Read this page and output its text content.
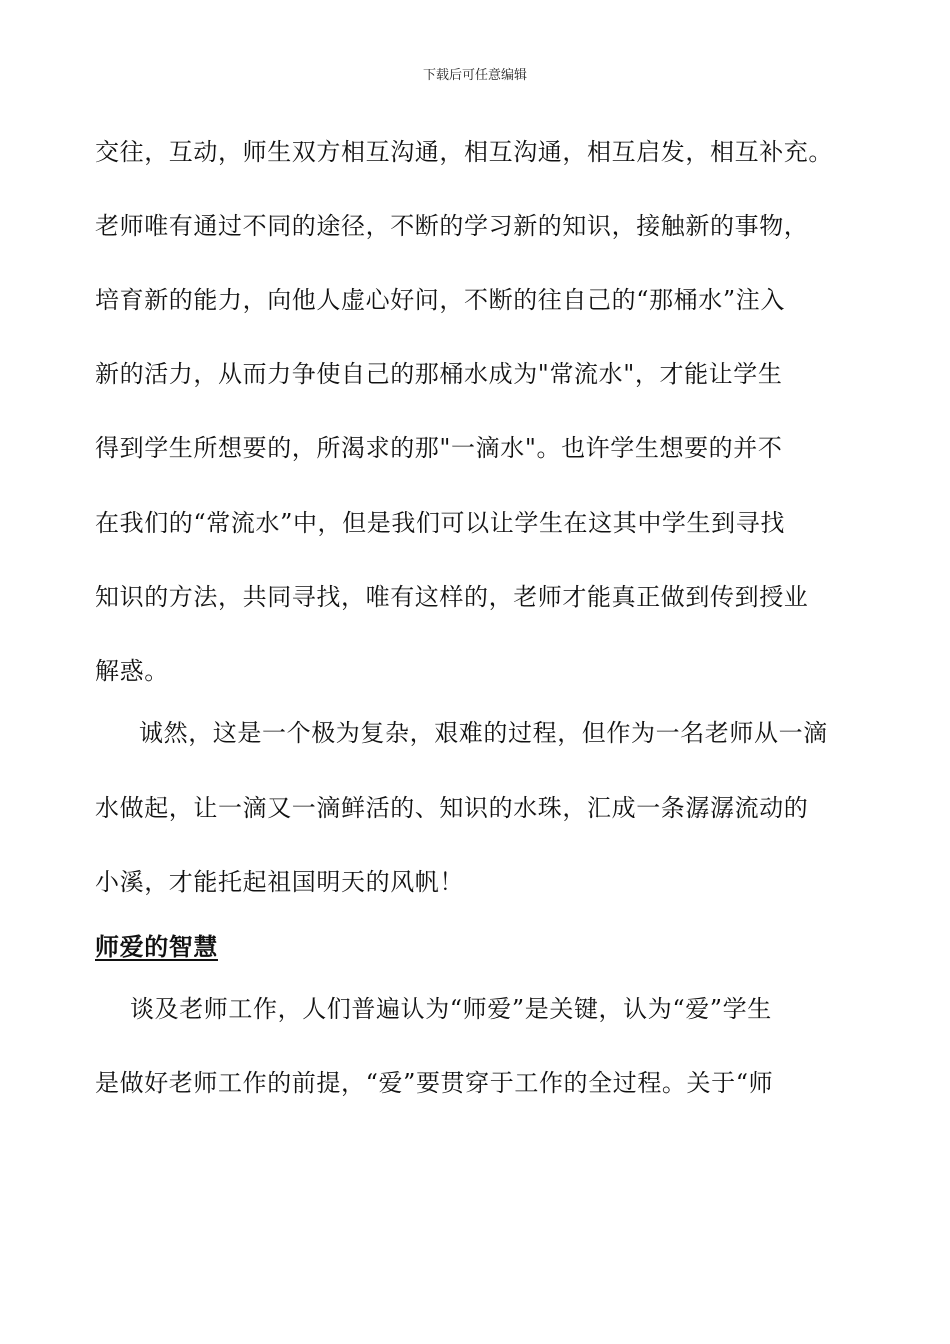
下载后可任意编辑
交往，互动，师生双方相互沟通，相互沟通，相互启发，相互补充。
老师唯有通过不同的途径，不断的学习新的知识，接触新的事物，
培育新的能力，向他人虚心好问，不断的往自己的“那桶水”注入
新的活力，从而力争使自己的那桶水成为"常流水"，才能让学生
得到学生所想要的，所渴求的那"一滴水"。也许学生想要的并不
在我们的“常流水”中，但是我们可以让学生在这其中学生到寻找
知识的方法，共同寻找，唯有这样的，老师才能真正做到传到授业
解惑。
诚然，这是一个极为复杂，艰难的过程，但作为一名老师从一滴
水做起，让一滴又一滴鲜活的、知识的水珠，汇成一条潺潺流动的
小溪，才能托起祖国明天的风帆！
师爱的智慧
谈及老师工作，人们普遍认为“师爱”是关键，认为“爱”学生
是做好老师工作的前提，“爱”要贯穿于工作的全过程。关于“师
